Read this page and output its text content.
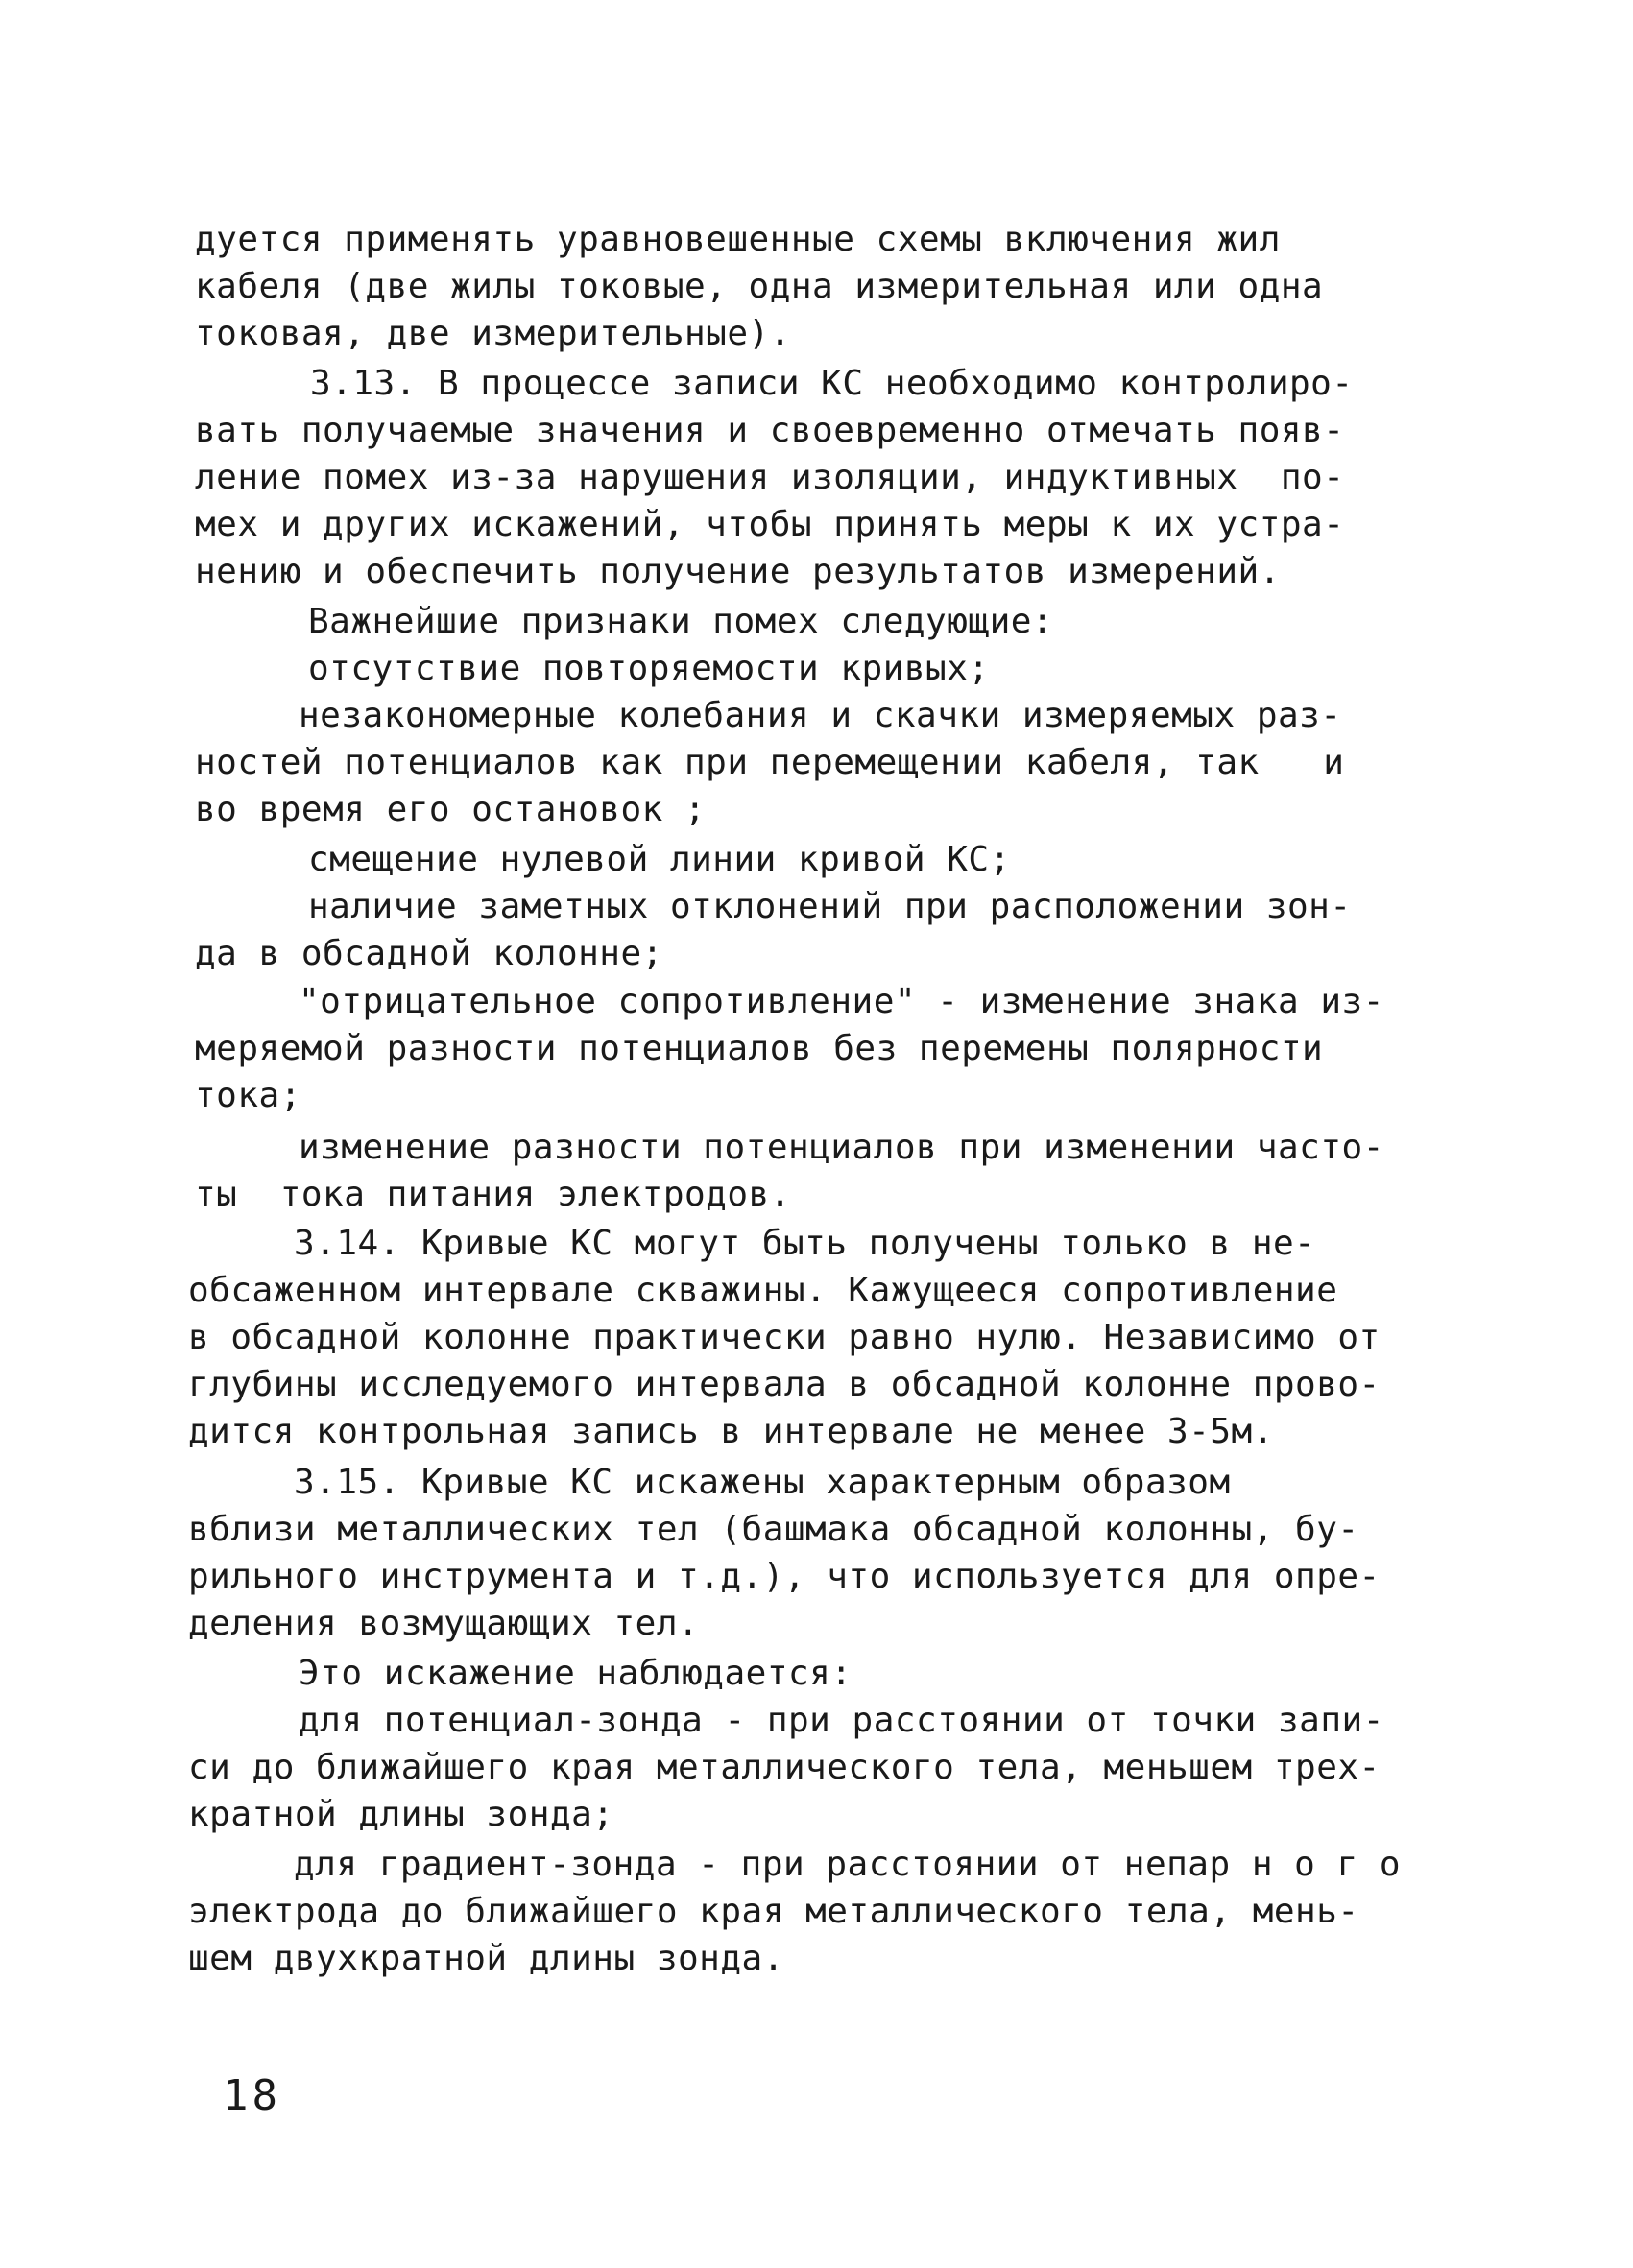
дуется применять уравновешенные схемы включения жил
кабеля (две жилы токовые, одна измерительная или одна
токовая, две измерительные).
3.13. В процессе записи КС необходимо контролиро-
вать получаемые значения и своевременно отмечать появ-
ление помех из-за нарушения изоляции, индуктивных  по-
мех и других искажений, чтобы принять меры к их устра-
нению и обеспечить получение результатов измерений.
Важнейшие признаки помех следующие:
отсутствие повторяемости кривых;
незакономерные колебания и скачки измеряемых раз-
ностей потенциалов как при перемещении кабеля, так   и
во время его остановок ;
смещение нулевой линии кривой КС;
наличие заметных отклонений при расположении зон-
да в обсадной колонне;
"отрицательное сопротивление" - изменение знака из-
меряемой разности потенциалов без перемены полярности
тока;
изменение разности потенциалов при изменении часто-
ты  тока питания электродов.
3.14. Кривые КС могут быть получены только в не-
обсаженном интервале скважины. Кажущееся сопротивление
в обсадной колонне практически равно нулю. Независимо от
глубины исследуемого интервала в обсадной колонне прово-
дится контрольная запись в интервале не менее 3-5м.
3.15. Кривые КС искажены характерным образом
вблизи металлических тел (башмака обсадной колонны, бу-
рильного инструмента и т.д.), что используется для опре-
деления возмущающих тел.
Это искажение наблюдается:
для потенциал-зонда - при расстоянии от точки запи-
си до ближайшего края металлического тела, меньшем трех-
кратной длины зонда;
для градиент-зонда - при расстоянии от непар н о г о
электрода до ближайшего края металлического тела, мень-
шем двухкратной длины зонда.
18
